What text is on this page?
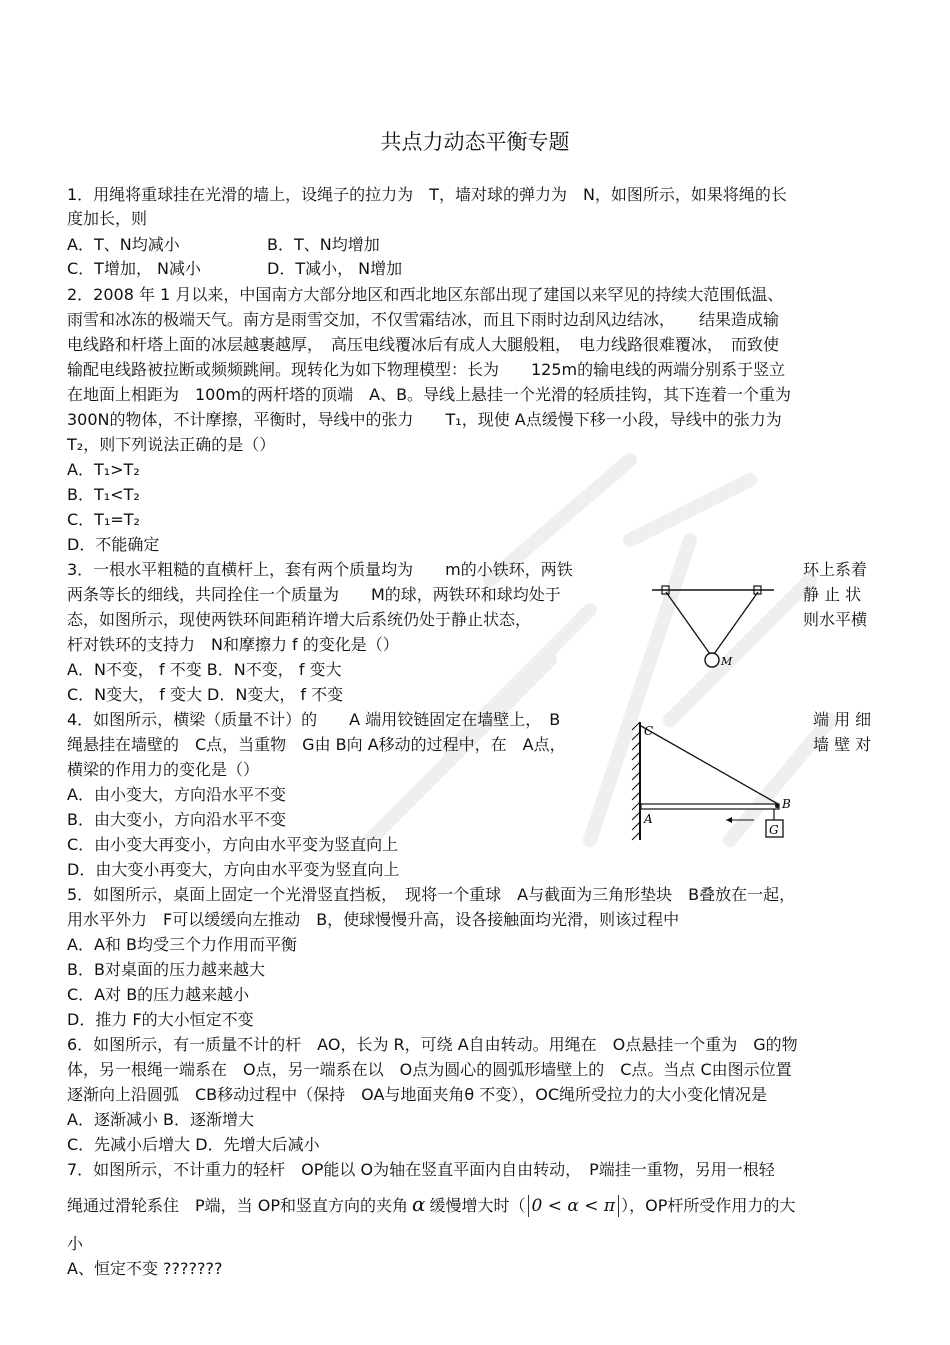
共点力动态平衡专题
1．用绳将重球挂在光滑的墙上，设绳子的拉力为　T，墙对球的弹力为　N，如图所示，如果将绳的长
度加长，则
A．T、N均减小	B．T、N均增加
C．T增加， N减小	D．T减小， N增加
2．2008 年 1 月以来，中国南方大部分地区和西北地区东部出现了建国以来罕见的持续大范围低温、
雨雪和冰冻的极端天气。南方是雨雪交加，不仅雪霜结冰，而且下雨时边刮风边结冰，　　结果造成输
电线路和杆塔上面的冰层越裹越厚，　高压电线覆冰后有成人大腿般粗，　电力线路很难覆冰，　而致使
输配电线路被拉断或频频跳闸。现转化为如下物理模型：长为　　125m的输电线的两端分别系于竖立
在地面上相距为　100m的两杆塔的顶端　A、B。导线上悬挂一个光滑的轻质挂钩，其下连着一个重为
300N的物体，不计摩擦，平衡时，导线中的张力　　T₁，现使 A点缓慢下移一小段，导线中的张力为
T₂，则下列说法正确的是（）
A．T₁>T₂
B．T₁<T₂
C．T₁=T₂
D．不能确定
3．一根水平粗糙的直横杆上，套有两个质量均为　　m的小铁环，两铁	环上系着
两条等长的细线，共同拴住一个质量为　　M的球，两铁环和球均处于	静 止 状
态，如图所示，现使两铁环间距稍许增大后系统仍处于静止状态，	则水平横
杆对铁环的支持力　N和摩擦力 f 的变化是（）
A．N不变， f 不变 B．N不变， f 变大
C．N变大， f 变大 D．N变大， f 不变
M
4．如图所示，横梁（质量不计）的　　A 端用铰链固定在墙壁上，　B	端 用 细
绳悬挂在墙壁的　C点，当重物　G由 B向 A移动的过程中，在　A点，	墙 壁 对
横梁的作用力的变化是（）
A．由小变大，方向沿水平不变
B．由大变小，方向沿水平不变
C．由小变大再变小，方向由水平变为竖直向上
D．由大变小再变大，方向由水平变为竖直向上
G
C
B
A
5．如图所示，桌面上固定一个光滑竖直挡板，　现将一个重球　A与截面为三角形垫块　B叠放在一起，
用水平外力　F可以缓缓向左推动　B，使球慢慢升高，设各接触面均光滑，则该过程中
A．A和 B均受三个力作用而平衡
B．B对桌面的压力越来越大
C．A对 B的压力越来越小
D．推力 F的大小恒定不变
6．如图所示，有一质量不计的杆　AO，长为 R，可绕 A自由转动。用绳在　O点悬挂一个重为　G的物
体，另一根绳一端系在　O点，另一端系在以　O点为圆心的圆弧形墙壁上的　C点。当点 C由图示位置
逐渐向上沿圆弧　CB移动过程中（保持　OA与地面夹角θ 不变），OC绳所受拉力的大小变化情况是
A．逐渐减小 B．逐渐增大
C．先减小后增大 D．先增大后减小
7．如图所示，不计重力的轻杆　OP能以 O为轴在竖直平面内自由转动，　P端挂一重物，另用一根轻
绳通过滑轮系住　P端，当 OP和竖直方向的夹角 α 缓慢增大时（ 0 < α < π ），OP杆所受作用力的大
小
A、恒定不变 ???????
